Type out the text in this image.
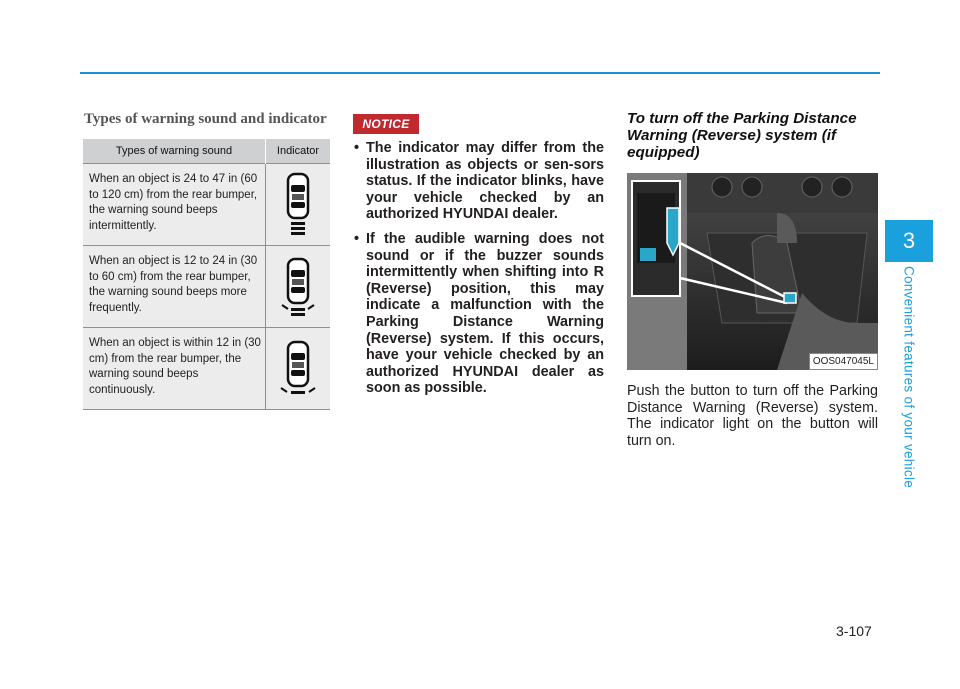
3
Convenient features of your vehicle
Types of warning sound and indicator
Types of warning sound	Indicator
When an object is 24 to 47 in (60 to 120 cm) from the rear bumper, the warning sound beeps intermittently.	

When an object is 12 to 24 in (30 to 60 cm) from the rear bumper, the warning sound beeps more frequently.	

When an object is within 12 in (30 cm) from the rear bumper, the warning sound beeps continuously.	
NOTICE
• The indicator may differ from the illustration as objects or sen-sors status. If the indicator blinks, have your vehicle checked by an authorized HYUNDAI dealer.
• If the audible warning does not sound or if the buzzer sounds intermittently when shifting into R (Reverse) position, this may indicate a malfunction with the Parking Distance Warning (Reverse) system. If this occurs, have your vehicle checked by an authorized HYUNDAI dealer as soon as possible.
To turn off the Parking Distance Warning (Reverse) system (if equipped)
OOS047045L
Push the button to turn off the Parking Distance Warning (Reverse) system. The indicator light on the button will turn on.
3-107
